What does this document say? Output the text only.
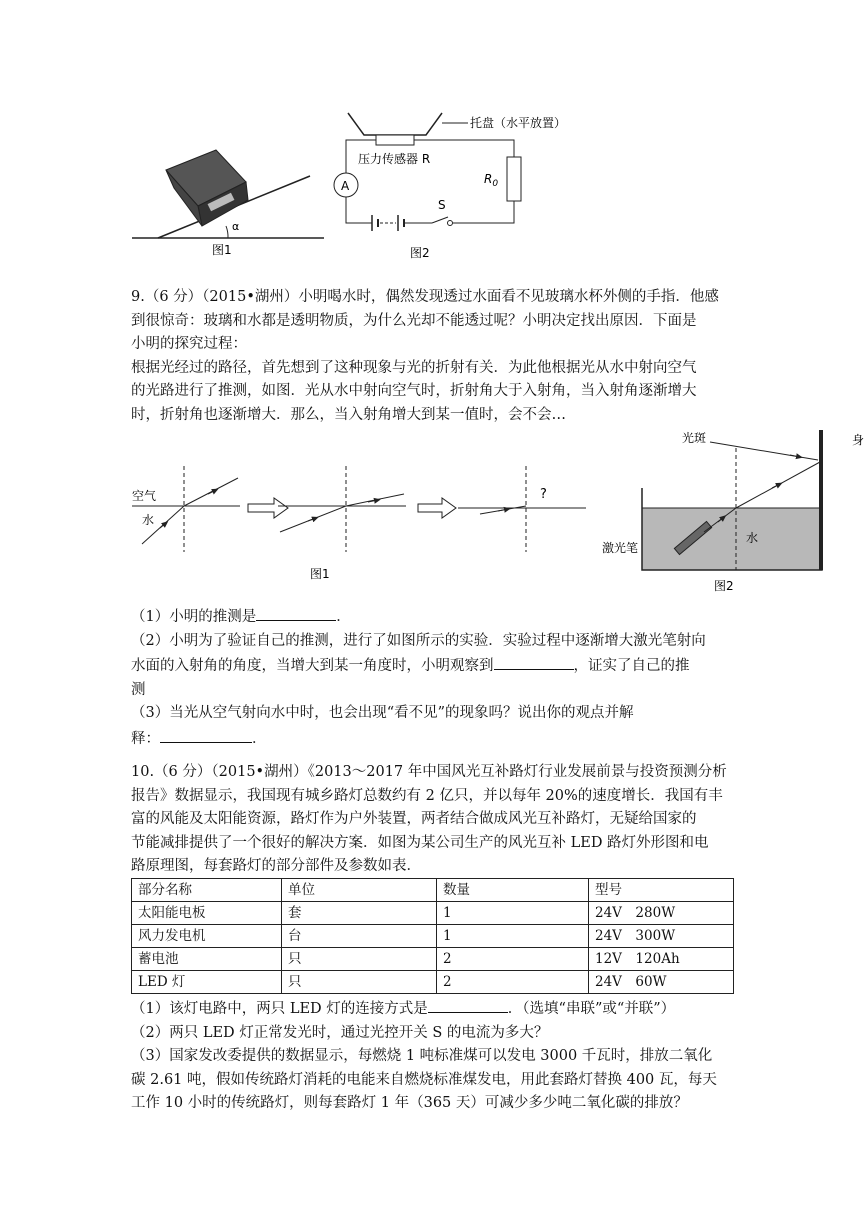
α
图1
托盘（水平放置）
压力传感器 R
A
S
$R_0$
图2
9.（6 分）（2015•湖州）小明喝水时，偶然发现透过水面看不见玻璃水杯外侧的手指．他感
到很惊奇：玻璃和水都是透明物质，为什么光却不能透过呢？小明决定找出原因．下面是
小明的探究过程：
根据光经过的路径，首先想到了这种现象与光的折射有关．为此他根据光从水中射向空气
的光路进行了推测，如图．光从水中射向空气时，折射角大于入射角，当入射角逐渐增大
时，折射角也逐渐增大．那么，当入射角增大到某一值时，会不会…
空气
水
?
图1
光斑
水
激光笔
身
图2
（1）小明的推测是	．
（2）小明为了验证自己的推测，进行了如图所示的实验．实验过程中逐渐增大激光笔射向
水面的入射角的角度，当增大到某一角度时，小明观察到	，证实了自己的推
测
（3）当光从空气射向水中时，也会出现“看不见”的现象吗？说出你的观点并解
释：	．
10.（6 分）（2015•湖州）《2013～2017 年中国风光互补路灯行业发展前景与投资预测分析
报告》数据显示，我国现有城乡路灯总数约有 2 亿只，并以每年 20%的速度增长．我国有丰
富的风能及太阳能资源，路灯作为户外装置，两者结合做成风光互补路灯，无疑给国家的
节能减排提供了一个很好的解决方案．如图为某公司生产的风光互补 LED 路灯外形图和电
路原理图，每套路灯的部分部件及参数如表．
部分名称	单位	数量	型号
太阳能电板	套	1	24V　280W
风力发电机	台	1	24V　300W
蓄电池	只	2	12V　120Ah
LED 灯	只	2	24V　60W
（1）该灯电路中，两只 LED 灯的连接方式是	．（选填“串联”或“并联”）
（2）两只 LED 灯正常发光时，通过光控开关 S 的电流为多大？
（3）国家发改委提供的数据显示，每燃烧 1 吨标准煤可以发电 3000 千瓦时，排放二氧化
碳 2.61 吨，假如传统路灯消耗的电能来自燃烧标准煤发电，用此套路灯替换 400 瓦，每天
工作 10 小时的传统路灯，则每套路灯 1 年（365 天）可减少多少吨二氧化碳的排放？
